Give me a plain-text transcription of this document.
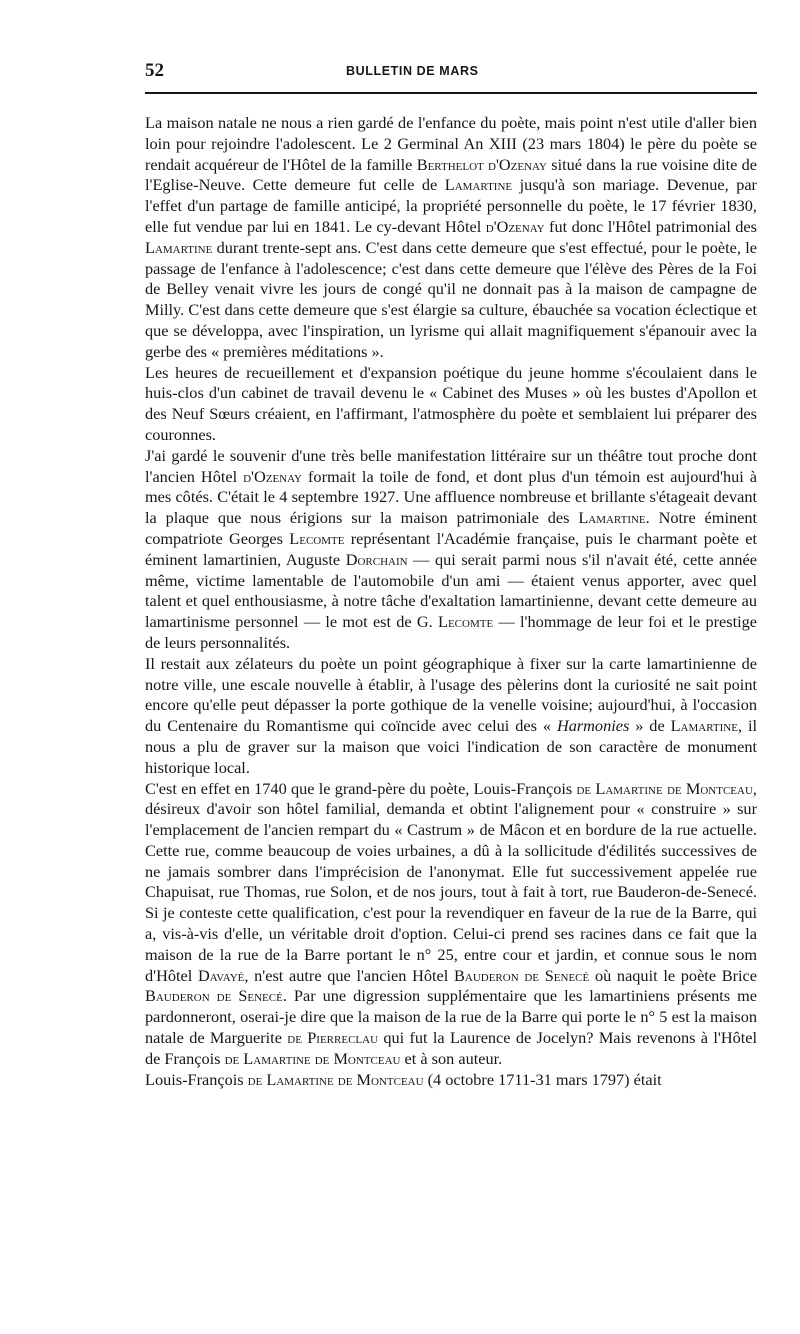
52	BULLETIN DE MARS

La maison natale ne nous a rien gardé de l'enfance du poète, mais point n'est utile d'aller bien loin pour rejoindre l'adolescent. Le 2 Germinal An XIII (23 mars 1804) le père du poète se rendait acquéreur de l'Hôtel de la famille Berthelot d'Ozenay situé dans la rue voisine dite de l'Eglise-Neuve. Cette demeure fut celle de Lamartine jusqu'à son mariage. Devenue, par l'effet d'un partage de famille anticipé, la propriété personnelle du poète, le 17 février 1830, elle fut vendue par lui en 1841. Le cy-devant Hôtel d'Ozenay fut donc l'Hôtel patrimonial des Lamartine durant trente-sept ans. C'est dans cette demeure que s'est effectué, pour le poète, le passage de l'enfance à l'adolescence; c'est dans cette demeure que l'élève des Pères de la Foi de Belley venait vivre les jours de congé qu'il ne donnait pas à la maison de campagne de Milly. C'est dans cette demeure que s'est élargie sa culture, ébauchée sa vocation éclectique et que se développa, avec l'inspiration, un lyrisme qui allait magnifiquement s'épanouir avec la gerbe des « premières méditations ».

Les heures de recueillement et d'expansion poétique du jeune homme s'écoulaient dans le huis-clos d'un cabinet de travail devenu le « Cabinet des Muses » où les bustes d'Apollon et des Neuf Sœurs créaient, en l'affirmant, l'atmosphère du poète et semblaient lui préparer des couronnes.

J'ai gardé le souvenir d'une très belle manifestation littéraire sur un théâtre tout proche dont l'ancien Hôtel d'Ozenay formait la toile de fond, et dont plus d'un témoin est aujourd'hui à mes côtés. C'était le 4 septembre 1927. Une affluence nombreuse et brillante s'étageait devant la plaque que nous érigions sur la maison patrimoniale des Lamartine. Notre éminent compatriote Georges Lecomte représentant l'Académie française, puis le charmant poète et éminent lamartinien, Auguste Dorchain — qui serait parmi nous s'il n'avait été, cette année même, victime lamentable de l'automobile d'un ami — étaient venus apporter, avec quel talent et quel enthousiasme, à notre tâche d'exaltation lamartinienne, devant cette demeure au lamartinisme personnel — le mot est de G. Lecomte — l'hommage de leur foi et le prestige de leurs personnalités.

Il restait aux zélateurs du poète un point géographique à fixer sur la carte lamartinienne de notre ville, une escale nouvelle à établir, à l'usage des pèlerins dont la curiosité ne sait point encore qu'elle peut dépasser la porte gothique de la venelle voisine; aujourd'hui, à l'occasion du Centenaire du Romantisme qui coïncide avec celui des « Harmonies » de Lamartine, il nous a plu de graver sur la maison que voici l'indication de son caractère de monument historique local.

C'est en effet en 1740 que le grand-père du poète, Louis-François de Lamartine de Montceau, désireux d'avoir son hôtel familial, demanda et obtint l'alignement pour « construire » sur l'emplacement de l'ancien rempart du « Castrum » de Mâcon et en bordure de la rue actuelle. Cette rue, comme beaucoup de voies urbaines, a dû à la sollicitude d'édilités successives de ne jamais sombrer dans l'imprécision de l'anonymat. Elle fut successivement appelée rue Chapuisat, rue Thomas, rue Solon, et de nos jours, tout à fait à tort, rue Bauderon-de-Senecé. Si je conteste cette qualification, c'est pour la revendiquer en faveur de la rue de la Barre, qui a, vis-à-vis d'elle, un véritable droit d'option. Celui-ci prend ses racines dans ce fait que la maison de la rue de la Barre portant le n° 25, entre cour et jardin, et connue sous le nom d'Hôtel Davayé, n'est autre que l'ancien Hôtel Bauderon de Senecé où naquit le poète Brice Bauderon de Senecé. Par une digression supplémentaire que les lamartiniens présents me pardonneront, oserai-je dire que la maison de la rue de la Barre qui porte le n° 5 est la maison natale de Marguerite de Pierreclau qui fut la Laurence de Jocelyn? Mais revenons à l'Hôtel de François de Lamartine de Montceau et à son auteur.

Louis-François de Lamartine de Montceau (4 octobre 1711-31 mars 1797) était
